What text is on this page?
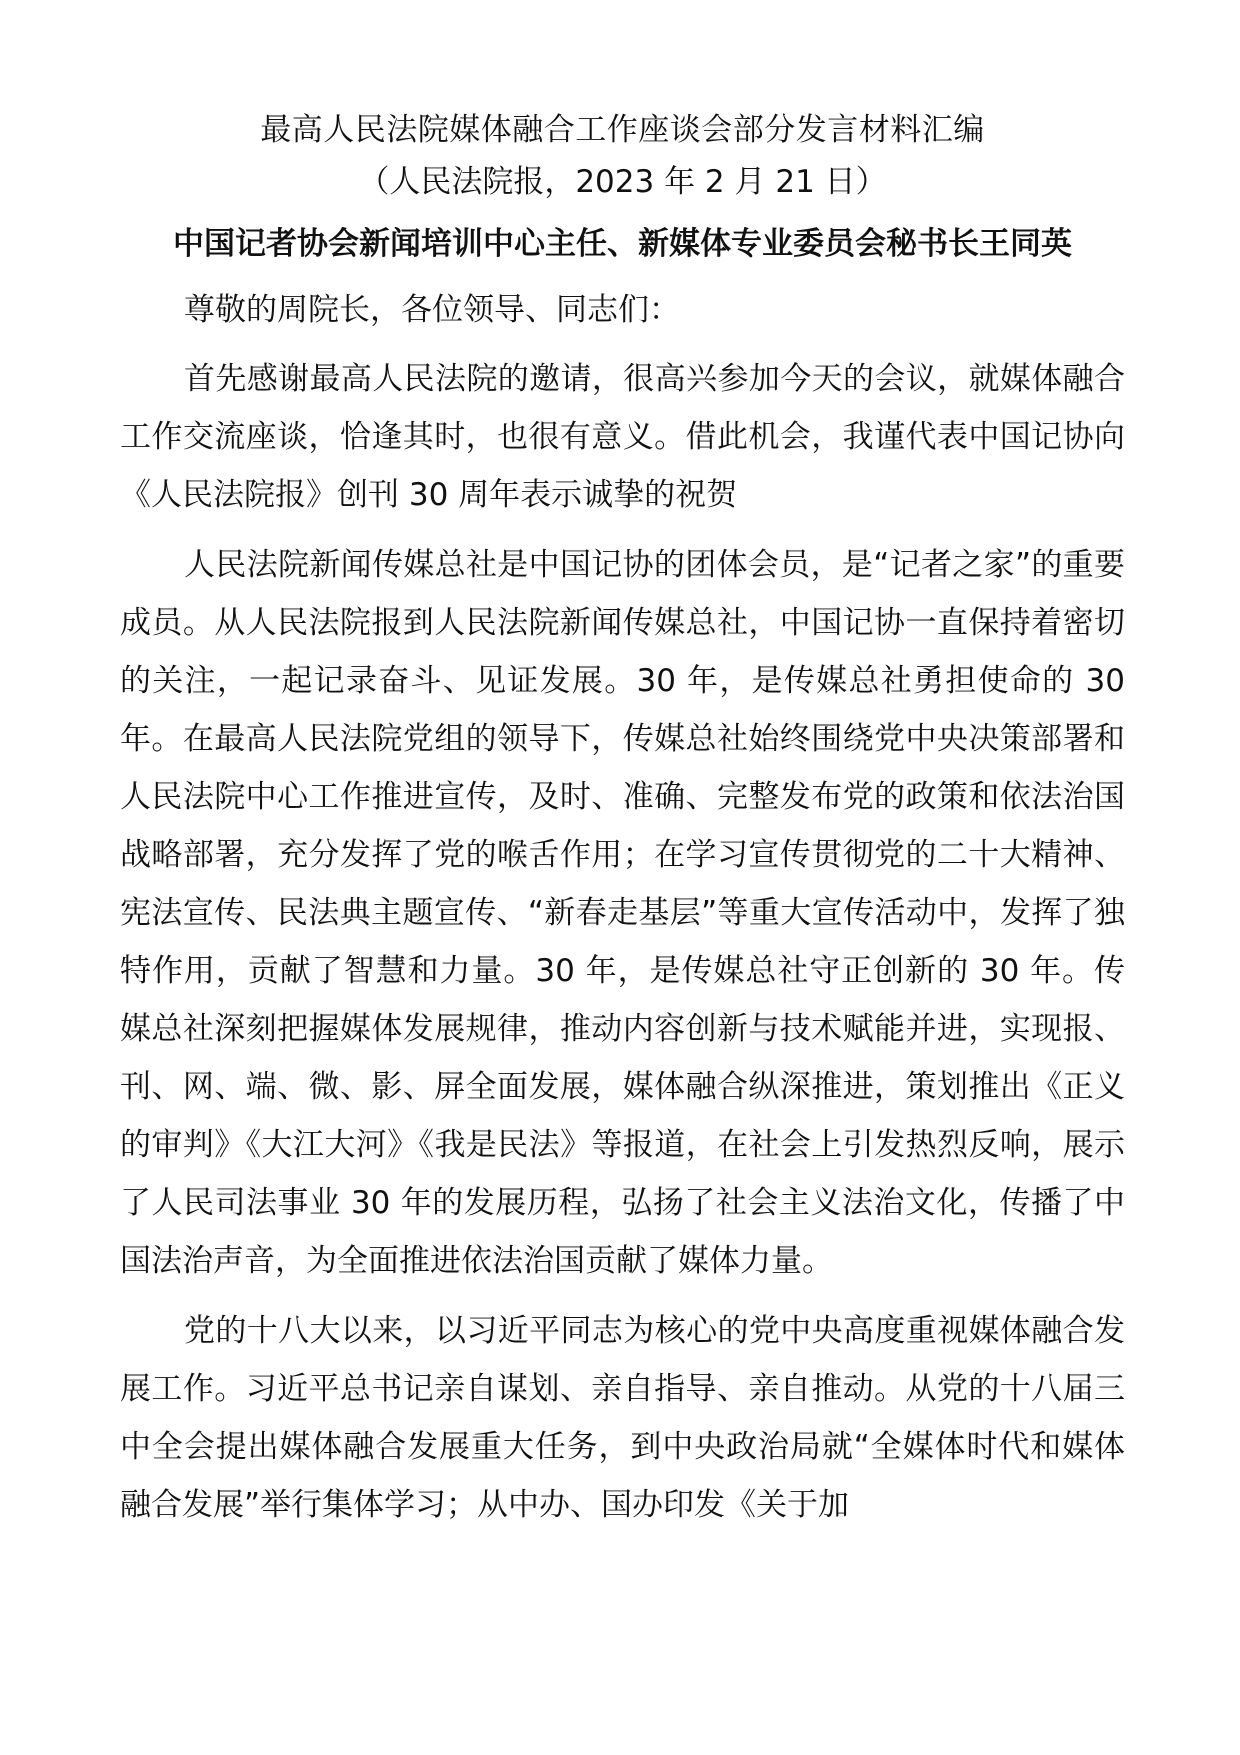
最高人民法院媒体融合工作座谈会部分发言材料汇编

（人民法院报，2023 年 2 月 21 日）

中国记者协会新闻培训中心主任、新媒体专业委员会秘书长王同英

尊敬的周院长，各位领导、同志们：

首先感谢最高人民法院的邀请，很高兴参加今天的会议，就媒体融合工作交流座谈，恰逢其时，也很有意义。借此机会，我谨代表中国记协向《人民法院报》创刊 30 周年表示诚挚的祝贺

人民法院新闻传媒总社是中国记协的团体会员，是“记者之家”的重要成员。从人民法院报到人民法院新闻传媒总社，中国记协一直保持着密切的关注，一起记录奋斗、见证发展。30 年，是传媒总社勇担使命的 30 年。在最高人民法院党组的领导下，传媒总社始终围绕党中央决策部署和人民法院中心工作推进宣传，及时、准确、完整发布党的政策和依法治国战略部署，充分发挥了党的喉舌作用；在学习宣传贯彻党的二十大精神、宪法宣传、民法典主题宣传、“新春走基层”等重大宣传活动中，发挥了独特作用，贡献了智慧和力量。30 年，是传媒总社守正创新的 30 年。传媒总社深刻把握媒体发展规律，推动内容创新与技术赋能并进，实现报、刊、网、端、微、影、屏全面发展，媒体融合纵深推进，策划推出《正义的审判》《大江大河》《我是民法》等报道，在社会上引发热烈反响，展示了人民司法事业 30 年的发展历程，弘扬了社会主义法治文化，传播了中国法治声音，为全面推进依法治国贡献了媒体力量。

党的十八大以来，以习近平同志为核心的党中央高度重视媒体融合发展工作。习近平总书记亲自谋划、亲自指导、亲自推动。从党的十八届三中全会提出媒体融合发展重大任务，到中央政治局就“全媒体时代和媒体融合发展”举行集体学习；从中办、国办印发《关于加
